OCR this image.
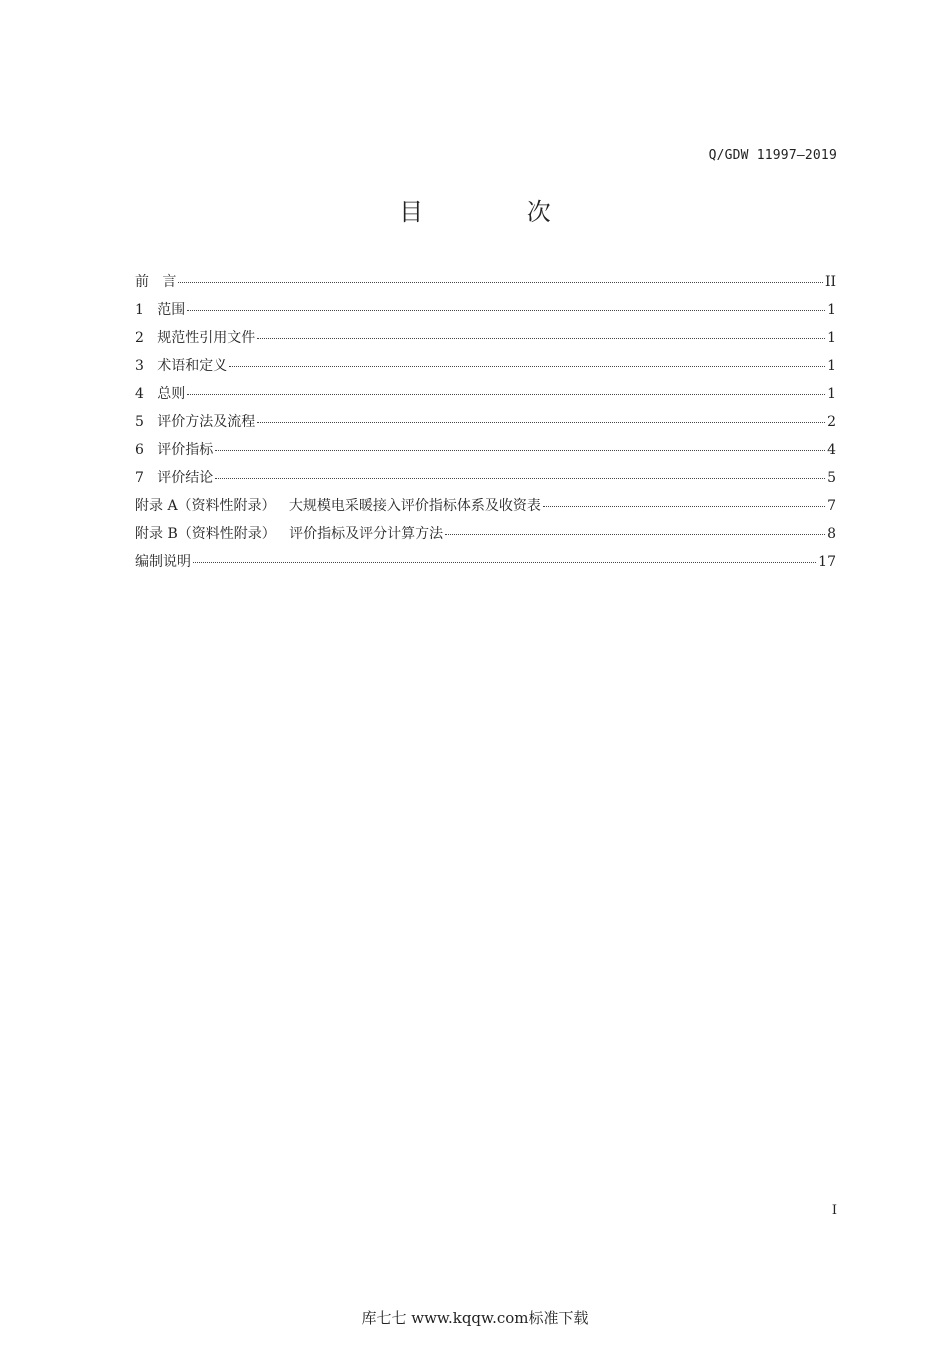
Q/GDW 11997—2019
目 次
前   言	II
1   范围	1
2   规范性引用文件	1
3   术语和定义	1
4   总则	1
5   评价方法及流程	2
6   评价指标	4
7   评价结论	5
附录 A（资料性附录）   大规模电采暖接入评价指标体系及收资表	7
附录 B（资料性附录）   评价指标及评分计算方法	8
编制说明	17
I
库七七 www.kqqw.com标准下载
